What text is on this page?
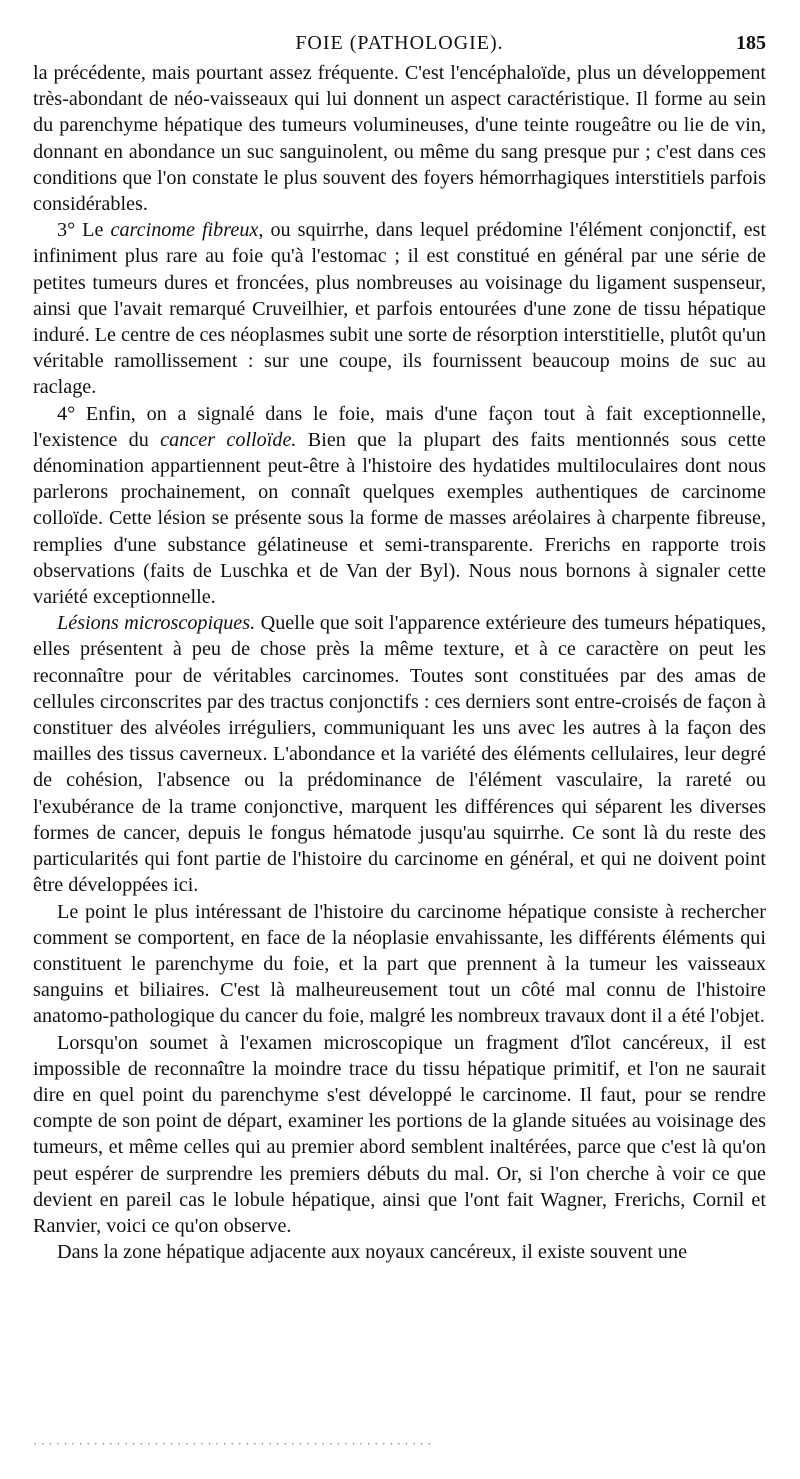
FOIE (PATHOLOGIE).	185

la précédente, mais pourtant assez fréquente. C'est l'encéphaloïde, plus un développement très-abondant de néo-vaisseaux qui lui donnent un aspect caractéristique. Il forme au sein du parenchyme hépatique des tumeurs volumineuses, d'une teinte rougeâtre ou lie de vin, donnant en abondance un suc sanguinolent, ou même du sang presque pur ; c'est dans ces conditions que l'on constate le plus souvent des foyers hémorrhagiques interstitiels parfois considérables.

3° Le carcinome fibreux, ou squirrhe, dans lequel prédomine l'élément conjonctif, est infiniment plus rare au foie qu'à l'estomac ; il est constitué en général par une série de petites tumeurs dures et froncées, plus nombreuses au voisinage du ligament suspenseur, ainsi que l'avait remarqué Cruveilhier, et parfois entourées d'une zone de tissu hépatique induré. Le centre de ces néoplasmes subit une sorte de résorption interstitielle, plutôt qu'un véritable ramollissement : sur une coupe, ils fournissent beaucoup moins de suc au raclage.

4° Enfin, on a signalé dans le foie, mais d'une façon tout à fait exceptionnelle, l'existence du cancer colloïde. Bien que la plupart des faits mentionnés sous cette dénomination appartiennent peut-être à l'histoire des hydatides multiloculaires dont nous parlerons prochainement, on connaît quelques exemples authentiques de carcinome colloïde. Cette lésion se présente sous la forme de masses aréolaires à charpente fibreuse, remplies d'une substance gélatineuse et semi-transparente. Frerichs en rapporte trois observations (faits de Luschka et de Van der Byl). Nous nous bornons à signaler cette variété exceptionnelle.

Lésions microscopiques. Quelle que soit l'apparence extérieure des tumeurs hépatiques, elles présentent à peu de chose près la même texture, et à ce caractère on peut les reconnaître pour de véritables carcinomes. Toutes sont constituées par des amas de cellules circonscrites par des tractus conjonctifs : ces derniers sont entre-croisés de façon à constituer des alvéoles irréguliers, communiquant les uns avec les autres à la façon des mailles des tissus caverneux. L'abondance et la variété des éléments cellulaires, leur degré de cohésion, l'absence ou la prédominance de l'élément vasculaire, la rareté ou l'exubérance de la trame conjonctive, marquent les différences qui séparent les diverses formes de cancer, depuis le fongus hématode jusqu'au squirrhe. Ce sont là du reste des particularités qui font partie de l'histoire du carcinome en général, et qui ne doivent point être développées ici.

Le point le plus intéressant de l'histoire du carcinome hépatique consiste à rechercher comment se comportent, en face de la néoplasie envahissante, les différents éléments qui constituent le parenchyme du foie, et la part que prennent à la tumeur les vaisseaux sanguins et biliaires. C'est là malheureusement tout un côté mal connu de l'histoire anatomo-pathologique du cancer du foie, malgré les nombreux travaux dont il a été l'objet.

Lorsqu'on soumet à l'examen microscopique un fragment d'îlot cancéreux, il est impossible de reconnaître la moindre trace du tissu hépatique primitif, et l'on ne saurait dire en quel point du parenchyme s'est développé le carcinome. Il faut, pour se rendre compte de son point de départ, examiner les portions de la glande situées au voisinage des tumeurs, et même celles qui au premier abord semblent inaltérées, parce que c'est là qu'on peut espérer de surprendre les premiers débuts du mal. Or, si l'on cherche à voir ce que devient en pareil cas le lobule hépatique, ainsi que l'ont fait Wagner, Frerichs, Cornil et Ranvier, voici ce qu'on observe.

Dans la zone hépatique adjacente aux noyaux cancéreux, il existe souvent une

· · · · · · · · · · · · · · · · · · · · · · · · · · · · · · · · · · · · · · · · · · · · · · · · · · · · ·
